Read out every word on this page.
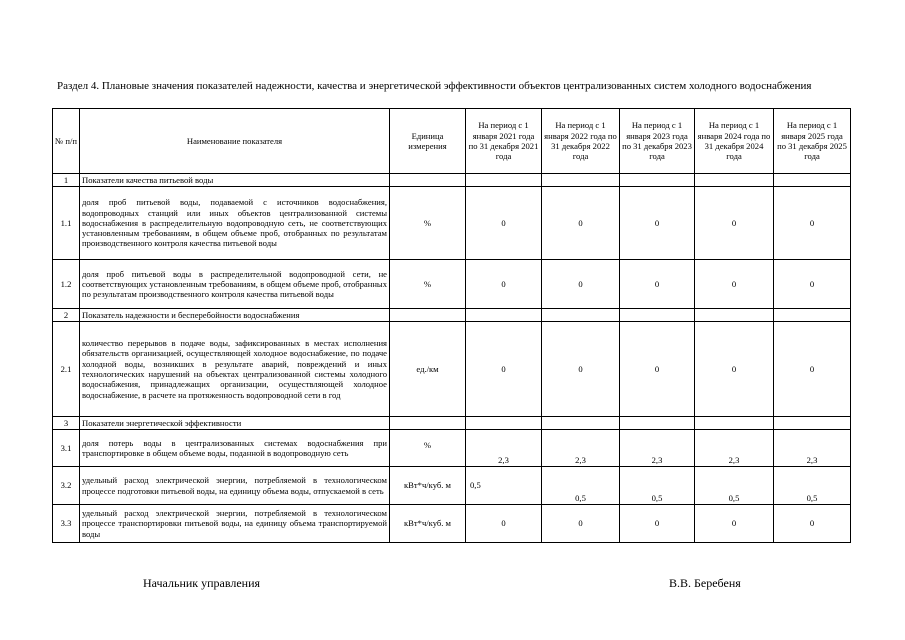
Раздел 4. Плановые значения показателей надежности, качества и энергетической эффективности объектов централизованных систем холодного водоснабжения
№ п/п	Наименование показателя	Единица измерения	На период с 1 января 2021 года по 31 декабря 2021 года	На период с 1 января 2022 года по 31 декабря 2022 года	На период с 1 января 2023 года по 31 декабря 2023 года	На период с 1 января 2024 года по 31 декабря 2024 года	На период с 1 января 2025 года по 31 декабря 2025 года
1	Показатели качества питьевой воды						
1.1	доля проб питьевой воды, подаваемой с источников водоснабжения, водопроводных станций или иных объектов централизованной системы водоснабжения в распределительную водопроводную сеть, не соответствующих установленным требованиям, в общем объеме проб, отобранных по результатам производственного контроля качества питьевой воды	%	0	0	0	0	0
1.2	доля проб питьевой воды в распределительной водопроводной сети, не соответствующих установленным требованиям, в общем объеме проб, отобранных по результатам производственного контроля качества питьевой воды	%	0	0	0	0	0
2	Показатель надежности и бесперебойности водоснабжения						
2.1	количество перерывов в подаче воды, зафиксированных в местах исполнения обязательств организацией, осуществляющей холодное водоснабжение, по подаче холодной воды, возникших в результате аварий, повреждений и иных технологических нарушений на объектах централизованной системы холодного водоснабжения, принадлежащих организации, осуществляющей холодное водоснабжение, в расчете на протяженность водопроводной сети в год	ед./км	0	0	0	0	0
3	Показатели энергетической эффективности						
3.1	доля потерь воды в централизованных системах водоснабжения при транспортировке в общем объеме воды, поданной в водопроводную сеть	%	2,3	2,3	2,3	2,3	2,3
3.2	удельный расход электрической энергии, потребляемой в технологическом процессе подготовки питьевой воды, на единицу объема воды, отпускаемой в сеть	кВт*ч/куб. м	0,5	0,5	0,5	0,5	0,5
3.3	удельный расход электрической энергии, потребляемой в технологическом процессе транспортировки питьевой воды, на единицу объема транспортируемой воды	кВт*ч/куб. м	0	0	0	0	0
Начальник управления	В.В. Беребеня
